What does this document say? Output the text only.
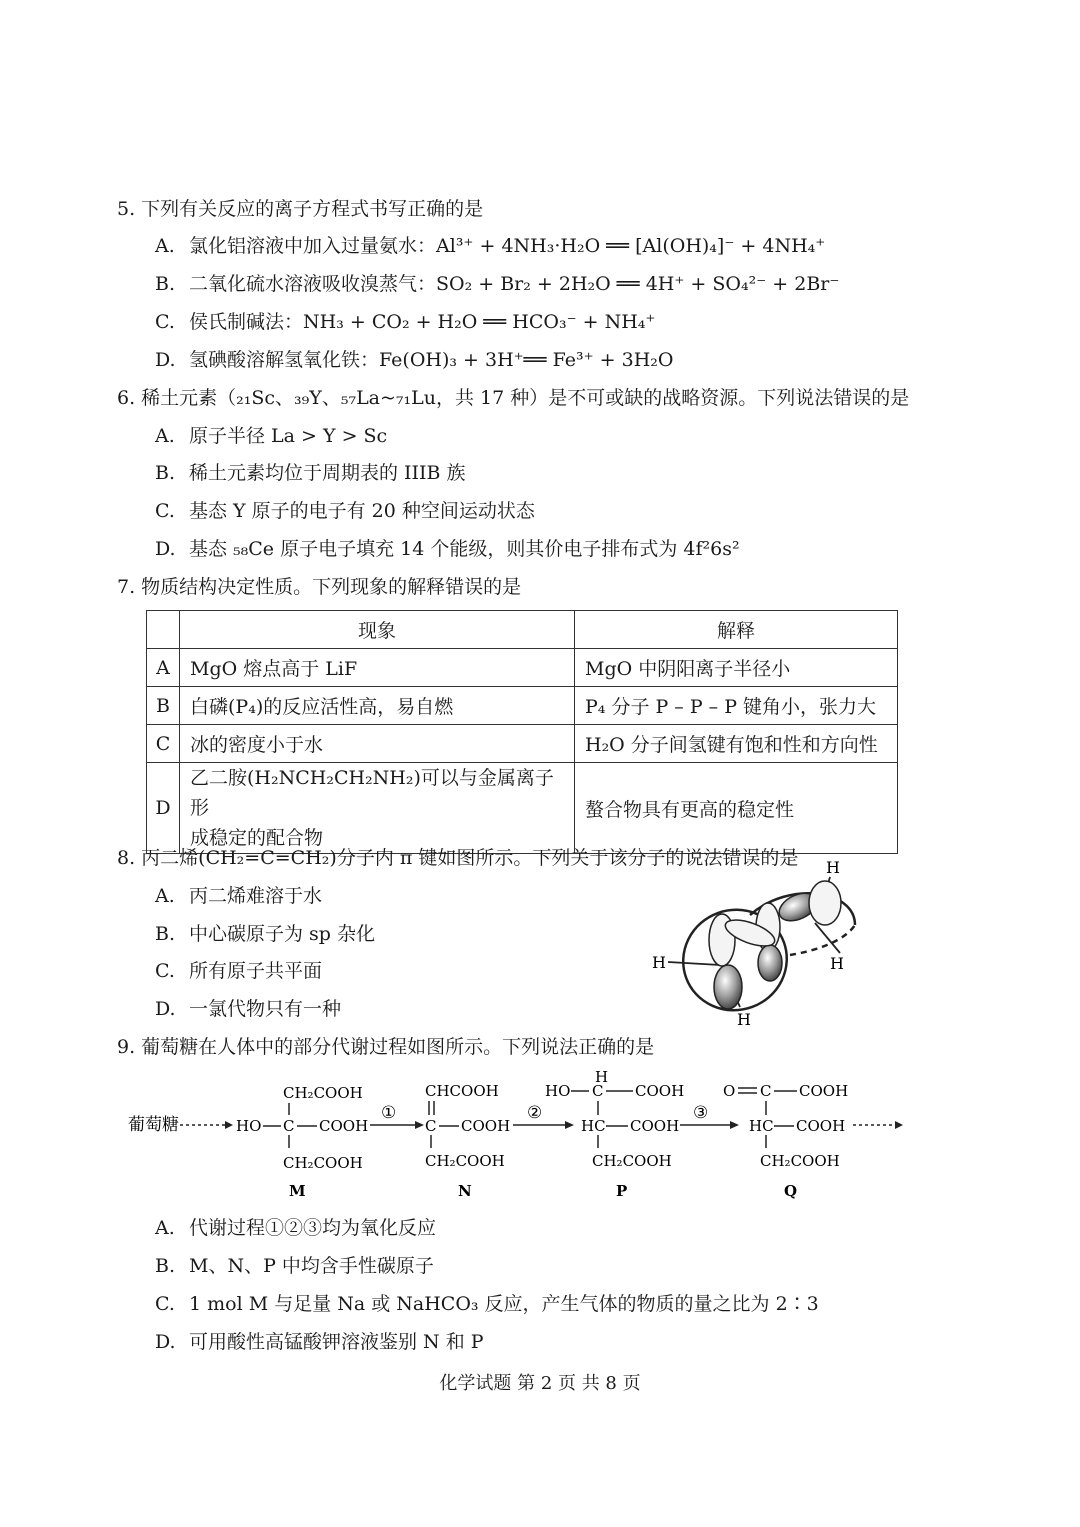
5. 下列有关反应的离子方程式书写正确的是
A. 氯化铝溶液中加入过量氨水：Al³⁺ + 4NH₃·H₂O ══ [Al(OH)₄]⁻ + 4NH₄⁺
B. 二氧化硫水溶液吸收溴蒸气：SO₂ + Br₂ + 2H₂O ══ 4H⁺ + SO₄²⁻ + 2Br⁻
C. 侯氏制碱法：NH₃ + CO₂ + H₂O ══ HCO₃⁻ + NH₄⁺
D. 氢碘酸溶解氢氧化铁：Fe(OH)₃ + 3H⁺══ Fe³⁺ + 3H₂O
6. 稀土元素（₂₁Sc、₃₉Y、₅₇La~₇₁Lu，共 17 种）是不可或缺的战略资源。下列说法错误的是
A. 原子半径 La > Y > Sc
B. 稀土元素均位于周期表的 IIIB 族
C. 基态 Y 原子的电子有 20 种空间运动状态
D. 基态 ₅₈Ce 原子电子填充 14 个能级，则其价电子排布式为 4f²6s²
7. 物质结构决定性质。下列现象的解释错误的是
	现象	解释
A	MgO 熔点高于 LiF	MgO 中阴阳离子半径小
B	白磷(P₄)的反应活性高，易自燃	P₄ 分子 P – P – P 键角小，张力大
C	冰的密度小于水	H₂O 分子间氢键有饱和性和方向性
D	乙二胺(H₂NCH₂CH₂NH₂)可以与金属离子形
成稳定的配合物	螯合物具有更高的稳定性
8. 丙二烯(CH₂=C=CH₂)分子内 π 键如图所示。下列关于该分子的说法错误的是
A. 丙二烯难溶于水
B. 中心碳原子为 sp 杂化
C. 所有原子共平面
D. 一氯代物只有一种
H
H	H
H
9. 葡萄糖在人体中的部分代谢过程如图所示。下列说法正确的是
葡萄糖
CH₂COOH
HO C COOH
CH₂COOH
M
①
CHCOOH
C COOH
CH₂COOH
N
②
H
HO C COOH
HC COOH
CH₂COOH
P
③
O C COOH
HC COOH
CH₂COOH
Q
A. 代谢过程①②③均为氧化反应
B. M、N、P 中均含手性碳原子
C. 1 mol M 与足量 Na 或 NaHCO₃ 反应，产生气体的物质的量之比为 2∶3
D. 可用酸性高锰酸钾溶液鉴别 N 和 P
化学试题 第 2 页 共 8 页
